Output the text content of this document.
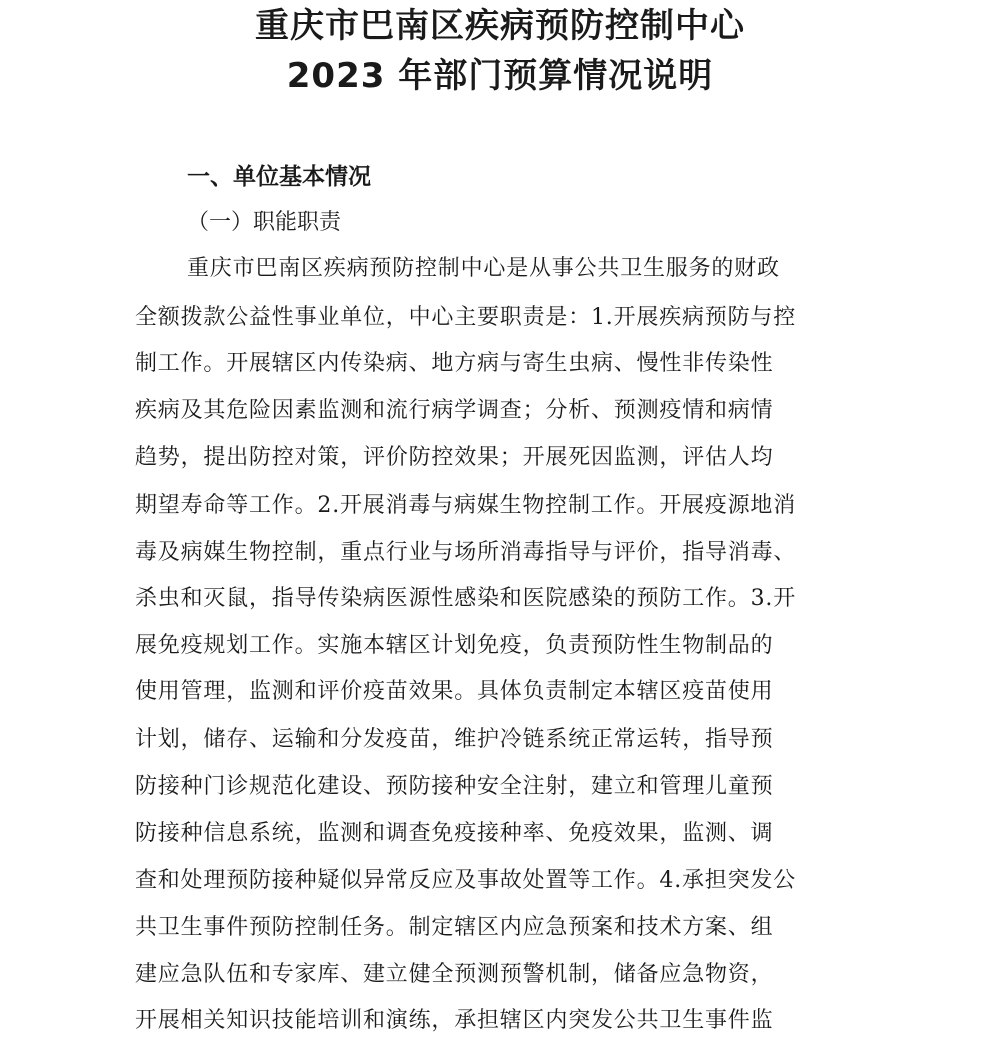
重庆市巴南区疾病预防控制中心
2023 年部门预算情况说明
一、单位基本情况
（一）职能职责
重庆市巴南区疾病预防控制中心是从事公共卫生服务的财政
全额拨款公益性事业单位，中心主要职责是：1.开展疾病预防与控
制工作。开展辖区内传染病、地方病与寄生虫病、慢性非传染性
疾病及其危险因素监测和流行病学调查；分析、预测疫情和病情
趋势，提出防控对策，评价防控效果；开展死因监测，评估人均
期望寿命等工作。2.开展消毒与病媒生物控制工作。开展疫源地消
毒及病媒生物控制，重点行业与场所消毒指导与评价，指导消毒、
杀虫和灭鼠，指导传染病医源性感染和医院感染的预防工作。3.开
展免疫规划工作。实施本辖区计划免疫，负责预防性生物制品的
使用管理，监测和评价疫苗效果。具体负责制定本辖区疫苗使用
计划，储存、运输和分发疫苗，维护冷链系统正常运转，指导预
防接种门诊规范化建设、预防接种安全注射，建立和管理儿童预
防接种信息系统，监测和调查免疫接种率、免疫效果，监测、调
查和处理预防接种疑似异常反应及事故处置等工作。4.承担突发公
共卫生事件预防控制任务。制定辖区内应急预案和技术方案、组
建应急队伍和专家库、建立健全预测预警机制，储备应急物资，
开展相关知识技能培训和演练，承担辖区内突发公共卫生事件监
